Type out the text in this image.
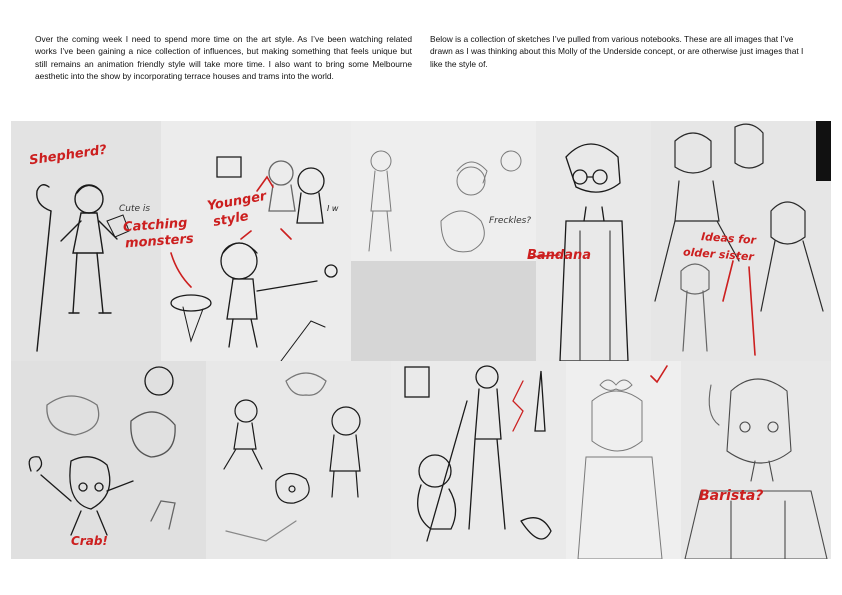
Over the coming week I need to spend more time on the art style. As I’ve been watching related works I’ve been gaining a nice collection of influences, but making something that feels unique but still remains an animation friendly style will take more time. I also want to bring some Melbourne aesthetic into the show by incorporating terrace houses and trams into the world.

Below is a collection of sketches I’ve pulled from various notebooks. These are all images that I’ve drawn as I was thinking about this Molly of the Underside concept, or are otherwise just images that I like the style of.

Shepherd?
Cute is
Catching
monsters
Younger
style
I w
Freckles?
Bandana
Ideas for
older sister
Barista?
Crab!
